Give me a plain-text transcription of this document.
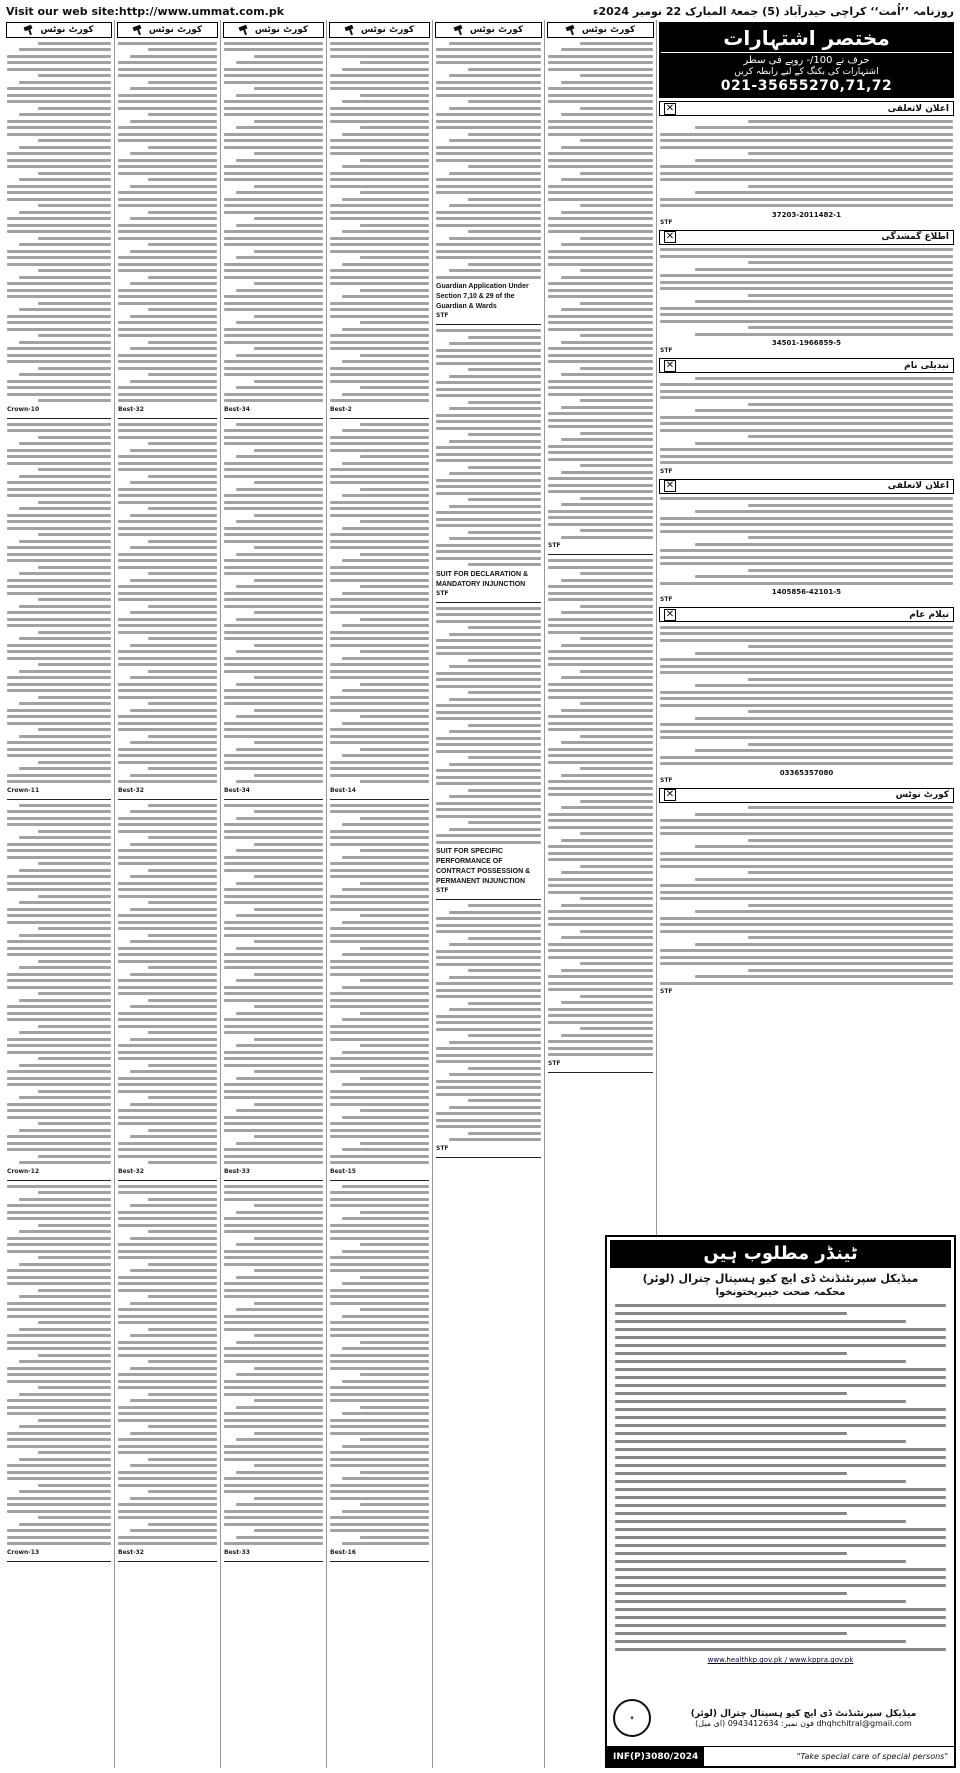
Visit our web site:http://www.ummat.com.pk	روزنامہ ’’اُمت‘‘ کراچی حیدرآباد (5) جمعۃ المبارک 22 نومبر 2024ء
کورٹ نوٹس
Crown-10
Crown-11
Crown-12
Crown-13
کورٹ نوٹس
Best-32
Best-32
Best-32
Best-32
کورٹ نوٹس
Best-34
Best-34
Best-33
Best-33
کورٹ نوٹس
Best-2
Best-14
Best-15
Best-16
کورٹ نوٹس
Guardian Application Under Section 7,10 & 29 of the Guardian & Wards
STF
SUIT FOR DECLARATION & MANDATORY INJUNCTION
STF
SUIT FOR SPECIFIC PERFORMANCE OF CONTRACT POSSESSION & PERMANENT INJUNCTION
STF
STF
کورٹ نوٹس
STF
STF
مختصر اشتہارات
حرف نے 100/- روپے فی سطر
اشتہارات کی بکنگ کے لیے رابطہ کریں
021-35655270,71,72
✕	اعلان لاتعلقی
37203-2011482-1
STF
✕	اطلاع گمشدگی
34501-1966859-5
STF
✕	تبدیلی نام
STF
✕	اعلان لاتعلقی
1405856-42101-5
STF
✕	نیلام عام
03365357080
STF
✕	کورٹ نوٹس
STF
ٹینڈر مطلوب ہیں
میڈیکل سپرنٹنڈنٹ ڈی ایچ کیو ہسپتال چترال (لوئر)
محکمہ صحت خیبرپختونخوا
www.healthkp.gov.pk / www.kppra.gov.pk
✦	میڈیکل سپرنٹنڈنٹ ڈی ایچ کیو ہسپتال چترال (لوئر)
فون نمبر: 0943412634 (ای میل) dhqhchitral@gmail.com
INF(P)3080/2024	"Take special care of special persons"
